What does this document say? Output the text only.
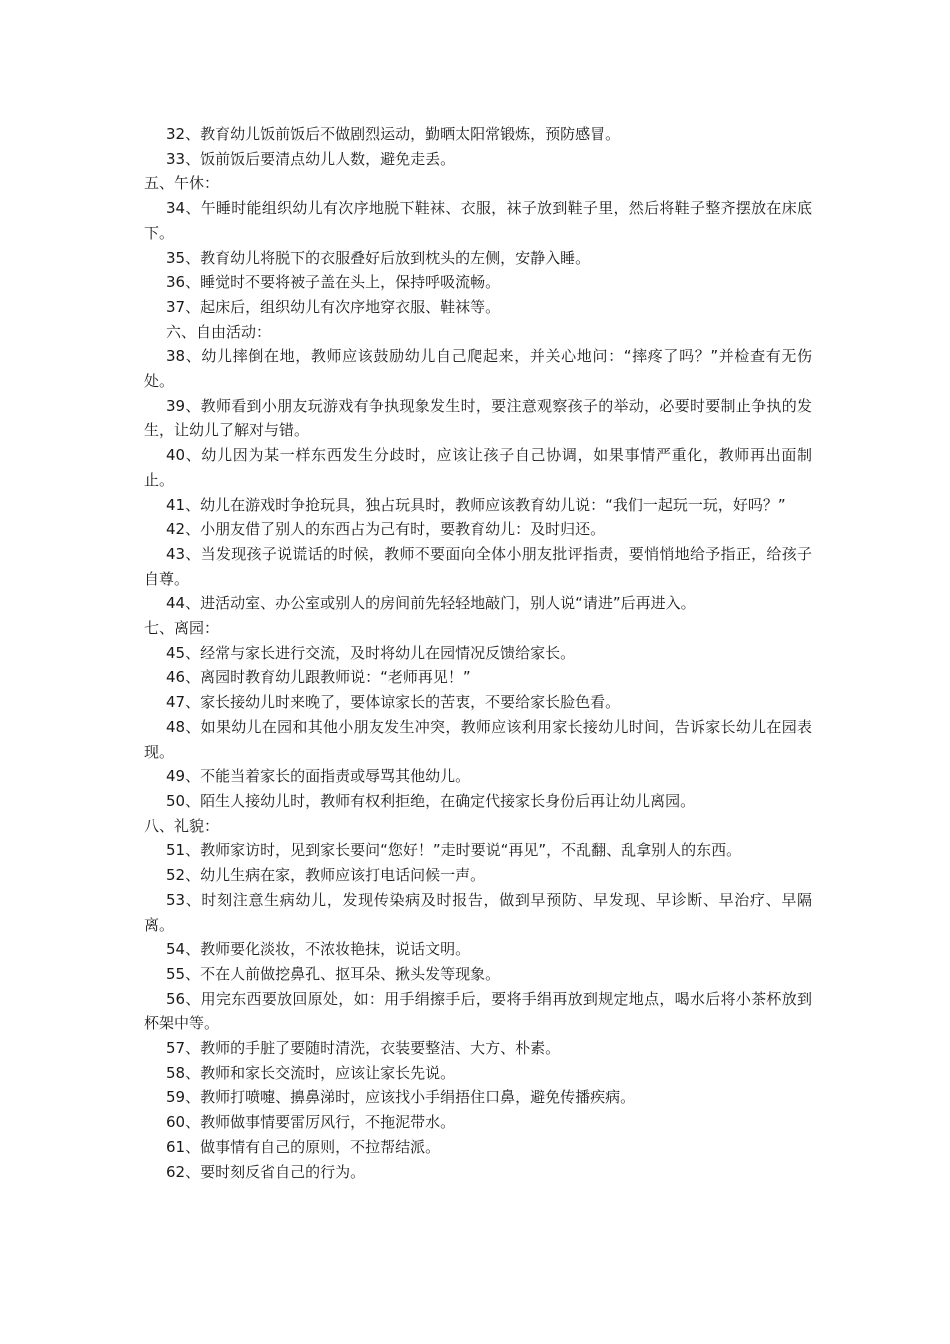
32、教育幼儿饭前饭后不做剧烈运动，勤晒太阳常锻炼，预防感冒。

33、饭前饭后要清点幼儿人数，避免走丢。

五、午休：

34、午睡时能组织幼儿有次序地脱下鞋袜、衣服，袜子放到鞋子里，然后将鞋子整齐摆放在床底下。

35、教育幼儿将脱下的衣服叠好后放到枕头的左侧，安静入睡。

36、睡觉时不要将被子盖在头上，保持呼吸流畅。

37、起床后，组织幼儿有次序地穿衣服、鞋袜等。

六、自由活动：

38、幼儿摔倒在地，教师应该鼓励幼儿自己爬起来，并关心地问：“摔疼了吗？”并检查有无伤处。

39、教师看到小朋友玩游戏有争执现象发生时，要注意观察孩子的举动，必要时要制止争执的发生，让幼儿了解对与错。

40、幼儿因为某一样东西发生分歧时，应该让孩子自己协调，如果事情严重化，教师再出面制止。

41、幼儿在游戏时争抢玩具，独占玩具时，教师应该教育幼儿说：“我们一起玩一玩，好吗？”

42、小朋友借了别人的东西占为己有时，要教育幼儿：及时归还。

43、当发现孩子说谎话的时候，教师不要面向全体小朋友批评指责，要悄悄地给予指正，给孩子自尊。

44、进活动室、办公室或别人的房间前先轻轻地敲门，别人说“请进”后再进入。

七、离园：

45、经常与家长进行交流，及时将幼儿在园情况反馈给家长。

46、离园时教育幼儿跟教师说：“老师再见！”

47、家长接幼儿时来晚了，要体谅家长的苦衷，不要给家长脸色看。

48、如果幼儿在园和其他小朋友发生冲突，教师应该利用家长接幼儿时间，告诉家长幼儿在园表现。

49、不能当着家长的面指责或辱骂其他幼儿。

50、陌生人接幼儿时，教师有权利拒绝，在确定代接家长身份后再让幼儿离园。

八、礼貌：

51、教师家访时，见到家长要问“您好！”走时要说“再见”，不乱翻、乱拿别人的东西。

52、幼儿生病在家，教师应该打电话问候一声。

53、时刻注意生病幼儿，发现传染病及时报告，做到早预防、早发现、早诊断、早治疗、早隔离。

54、教师要化淡妆，不浓妆艳抹，说话文明。

55、不在人前做挖鼻孔、抠耳朵、揪头发等现象。

56、用完东西要放回原处，如：用手绢擦手后，要将手绢再放到规定地点，喝水后将小茶杯放到杯架中等。

57、教师的手脏了要随时清洗，衣装要整洁、大方、朴素。

58、教师和家长交流时，应该让家长先说。

59、教师打喷嚏、擤鼻涕时，应该找小手绢捂住口鼻，避免传播疾病。

60、教师做事情要雷厉风行，不拖泥带水。

61、做事情有自己的原则，不拉帮结派。

62、要时刻反省自己的行为。
